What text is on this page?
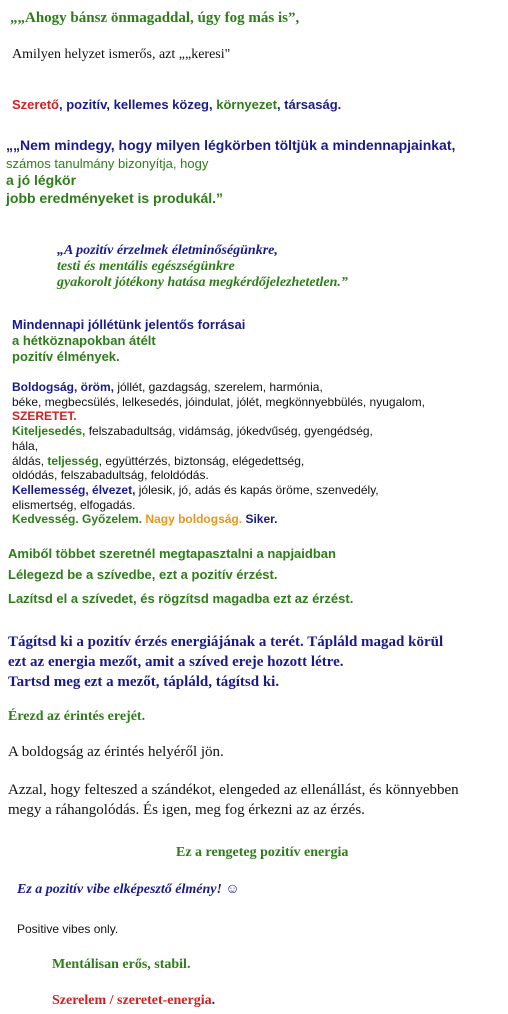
„„Ahogy bánsz önmagaddal, úgy fog más is”,
Amilyen helyzet ismerős, azt „„keresi"
Szerető, pozitív, kellemes közeg, környezet, társaság.
„„Nem mindegy, hogy milyen légkörben töltjük a mindennapjainkat,
számos tanulmány bizonyítja, hogy
a jó légkör
jobb eredményeket is produkál.”
„A pozitív érzelmek életminőségünkre,
testi és mentális egészségünkre
gyakorolt jótékony hatása megkérdőjelezhetetlen.”
Mindennapi jóllétünk jelentős forrásai
a hétköznapokban átélt
pozitív élmények.
Boldogság, öröm, jóllét, gazdagság, szerelem, harmónia,
béke, megbecsülés, lelkesedés, jóindulat, jólét, megkönnyebbülés, nyugalom,
SZERETET.
Kiteljesedés, felszabadultság, vidámság, jókedvűség, gyengédség,
hála,
áldás, teljesség, együttérzés, biztonság, elégedettség,
oldódás, felszabadultság, feloldódás.
Kellemesség, élvezet, jólesik, jó, adás és kapás öröme, szenvedély,
elismertség, elfogadás.
Kedvesség. Győzelem. Nagy boldogság. Siker.
Amiből többet szeretnél megtapasztalni a napjaidban
Lélegezd be a szívedbe, ezt a pozitív érzést.
Lazítsd el a szívedet, és rögzítsd magadba ezt az érzést.
Tágítsd ki a pozitív érzés energiájának a terét. Tápláld magad körül
ezt az energia mezőt, amit a szíved ereje hozott létre.
Tartsd meg ezt a mezőt, tápláld, tágítsd ki.
Érezd az érintés erejét.
A boldogság az érintés helyéről jön.
Azzal, hogy felteszed a szándékot, elengeded az ellenállást, és könnyebben
megy a ráhangolódás. És igen, meg fog érkezni az az érzés.
Ez a rengeteg pozitív energia
Ez a pozitív vibe elképesztő élmény! ☺
Positive vibes only.
Mentálisan erős, stabil.
Szerelem / szeretet-energia.
